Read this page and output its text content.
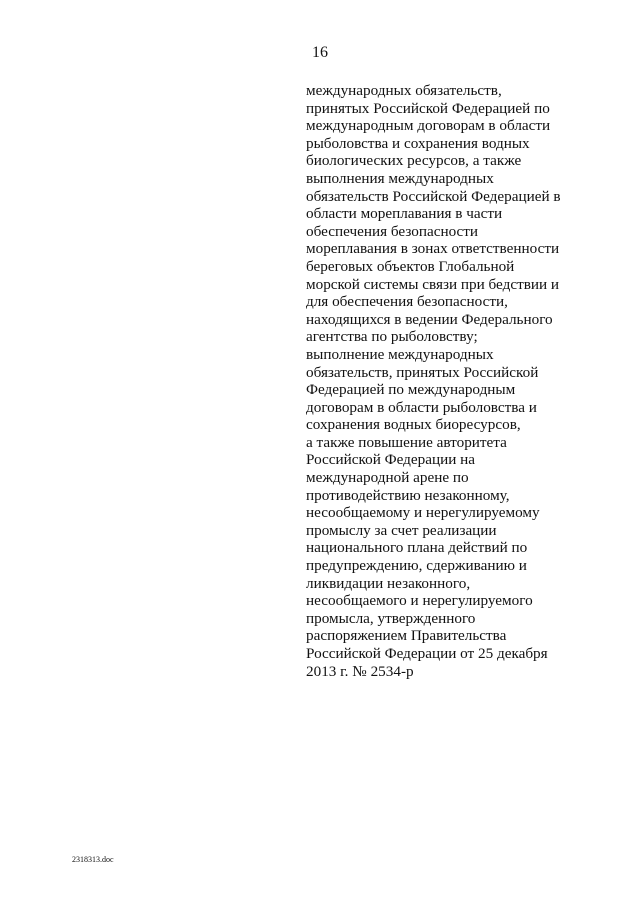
16
международных обязательств,
принятых Российской Федерацией по
международным договорам в области
рыболовства и сохранения водных
биологических ресурсов, а также
выполнения международных
обязательств Российской Федерацией в
области мореплавания в части
обеспечения безопасности
мореплавания в зонах ответственности
береговых объектов Глобальной
морской системы связи при бедствии и
для обеспечения безопасности,
находящихся в ведении Федерального
агентства по рыболовству;
выполнение международных
обязательств, принятых Российской
Федерацией по международным
договорам в области рыболовства и
сохранения водных биоресурсов,
а также повышение авторитета
Российской Федерации на
международной арене по
противодействию незаконному,
несообщаемому и нерегулируемому
промыслу за счет реализации
национального плана действий по
предупреждению, сдерживанию и
ликвидации незаконного,
несообщаемого и нерегулируемого
промысла, утвержденного
распоряжением Правительства
Российской Федерации от 25 декабря
2013 г. № 2534-р
2318313.doc
